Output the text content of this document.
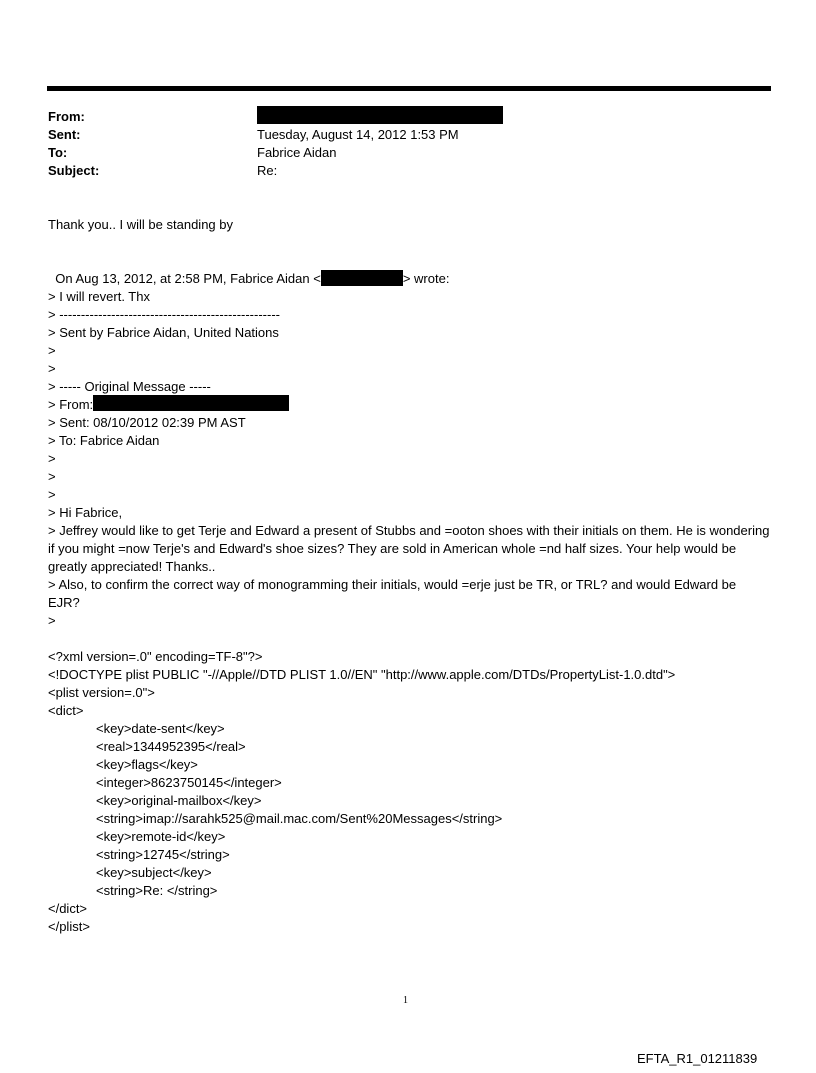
From:
Sent:	Tuesday, August 14, 2012 1:53 PM
To:	Fabrice Aidan
Subject:	Re:
Thank you.. I will be standing by

On Aug 13, 2012, at 2:58 PM, Fabrice Aidan <	> wrote:

> I will revert. Thx
> ---------------------------------------------------
> Sent by Fabrice Aidan, United Nations
>
>
> ----- Original Message -----
> From:
> Sent: 08/10/2012 02:39 PM AST
> To: Fabrice Aidan
>
>
>
> Hi Fabrice,
> Jeffrey would like to get Terje and Edward a present of Stubbs and =ooton shoes with their initials on them. He is wondering if you might =now Terje's and Edward's shoe sizes? They are sold in American whole =nd half sizes. Your help would be greatly appreciated! Thanks..
> Also, to confirm the correct way of monogramming their initials, would =erje just be TR, or TRL? and would Edward be EJR?
>
<?xml version=.0" encoding=TF-8"?>
<!DOCTYPE plist PUBLIC "-//Apple//DTD PLIST 1.0//EN" "http://www.apple.com/DTDs/PropertyList-1.0.dtd">
<plist version=.0">
<dict>
<key>date-sent</key>
<real>1344952395</real>
<key>flags</key>
<integer>8623750145</integer>
<key>original-mailbox</key>
<string>imap://sarahk525@mail.mac.com/Sent%20Messages</string>
<key>remote-id</key>
<string>12745</string>
<key>subject</key>
<string>Re: </string>
</dict>
</plist>
1
EFTA_R1_01211839
